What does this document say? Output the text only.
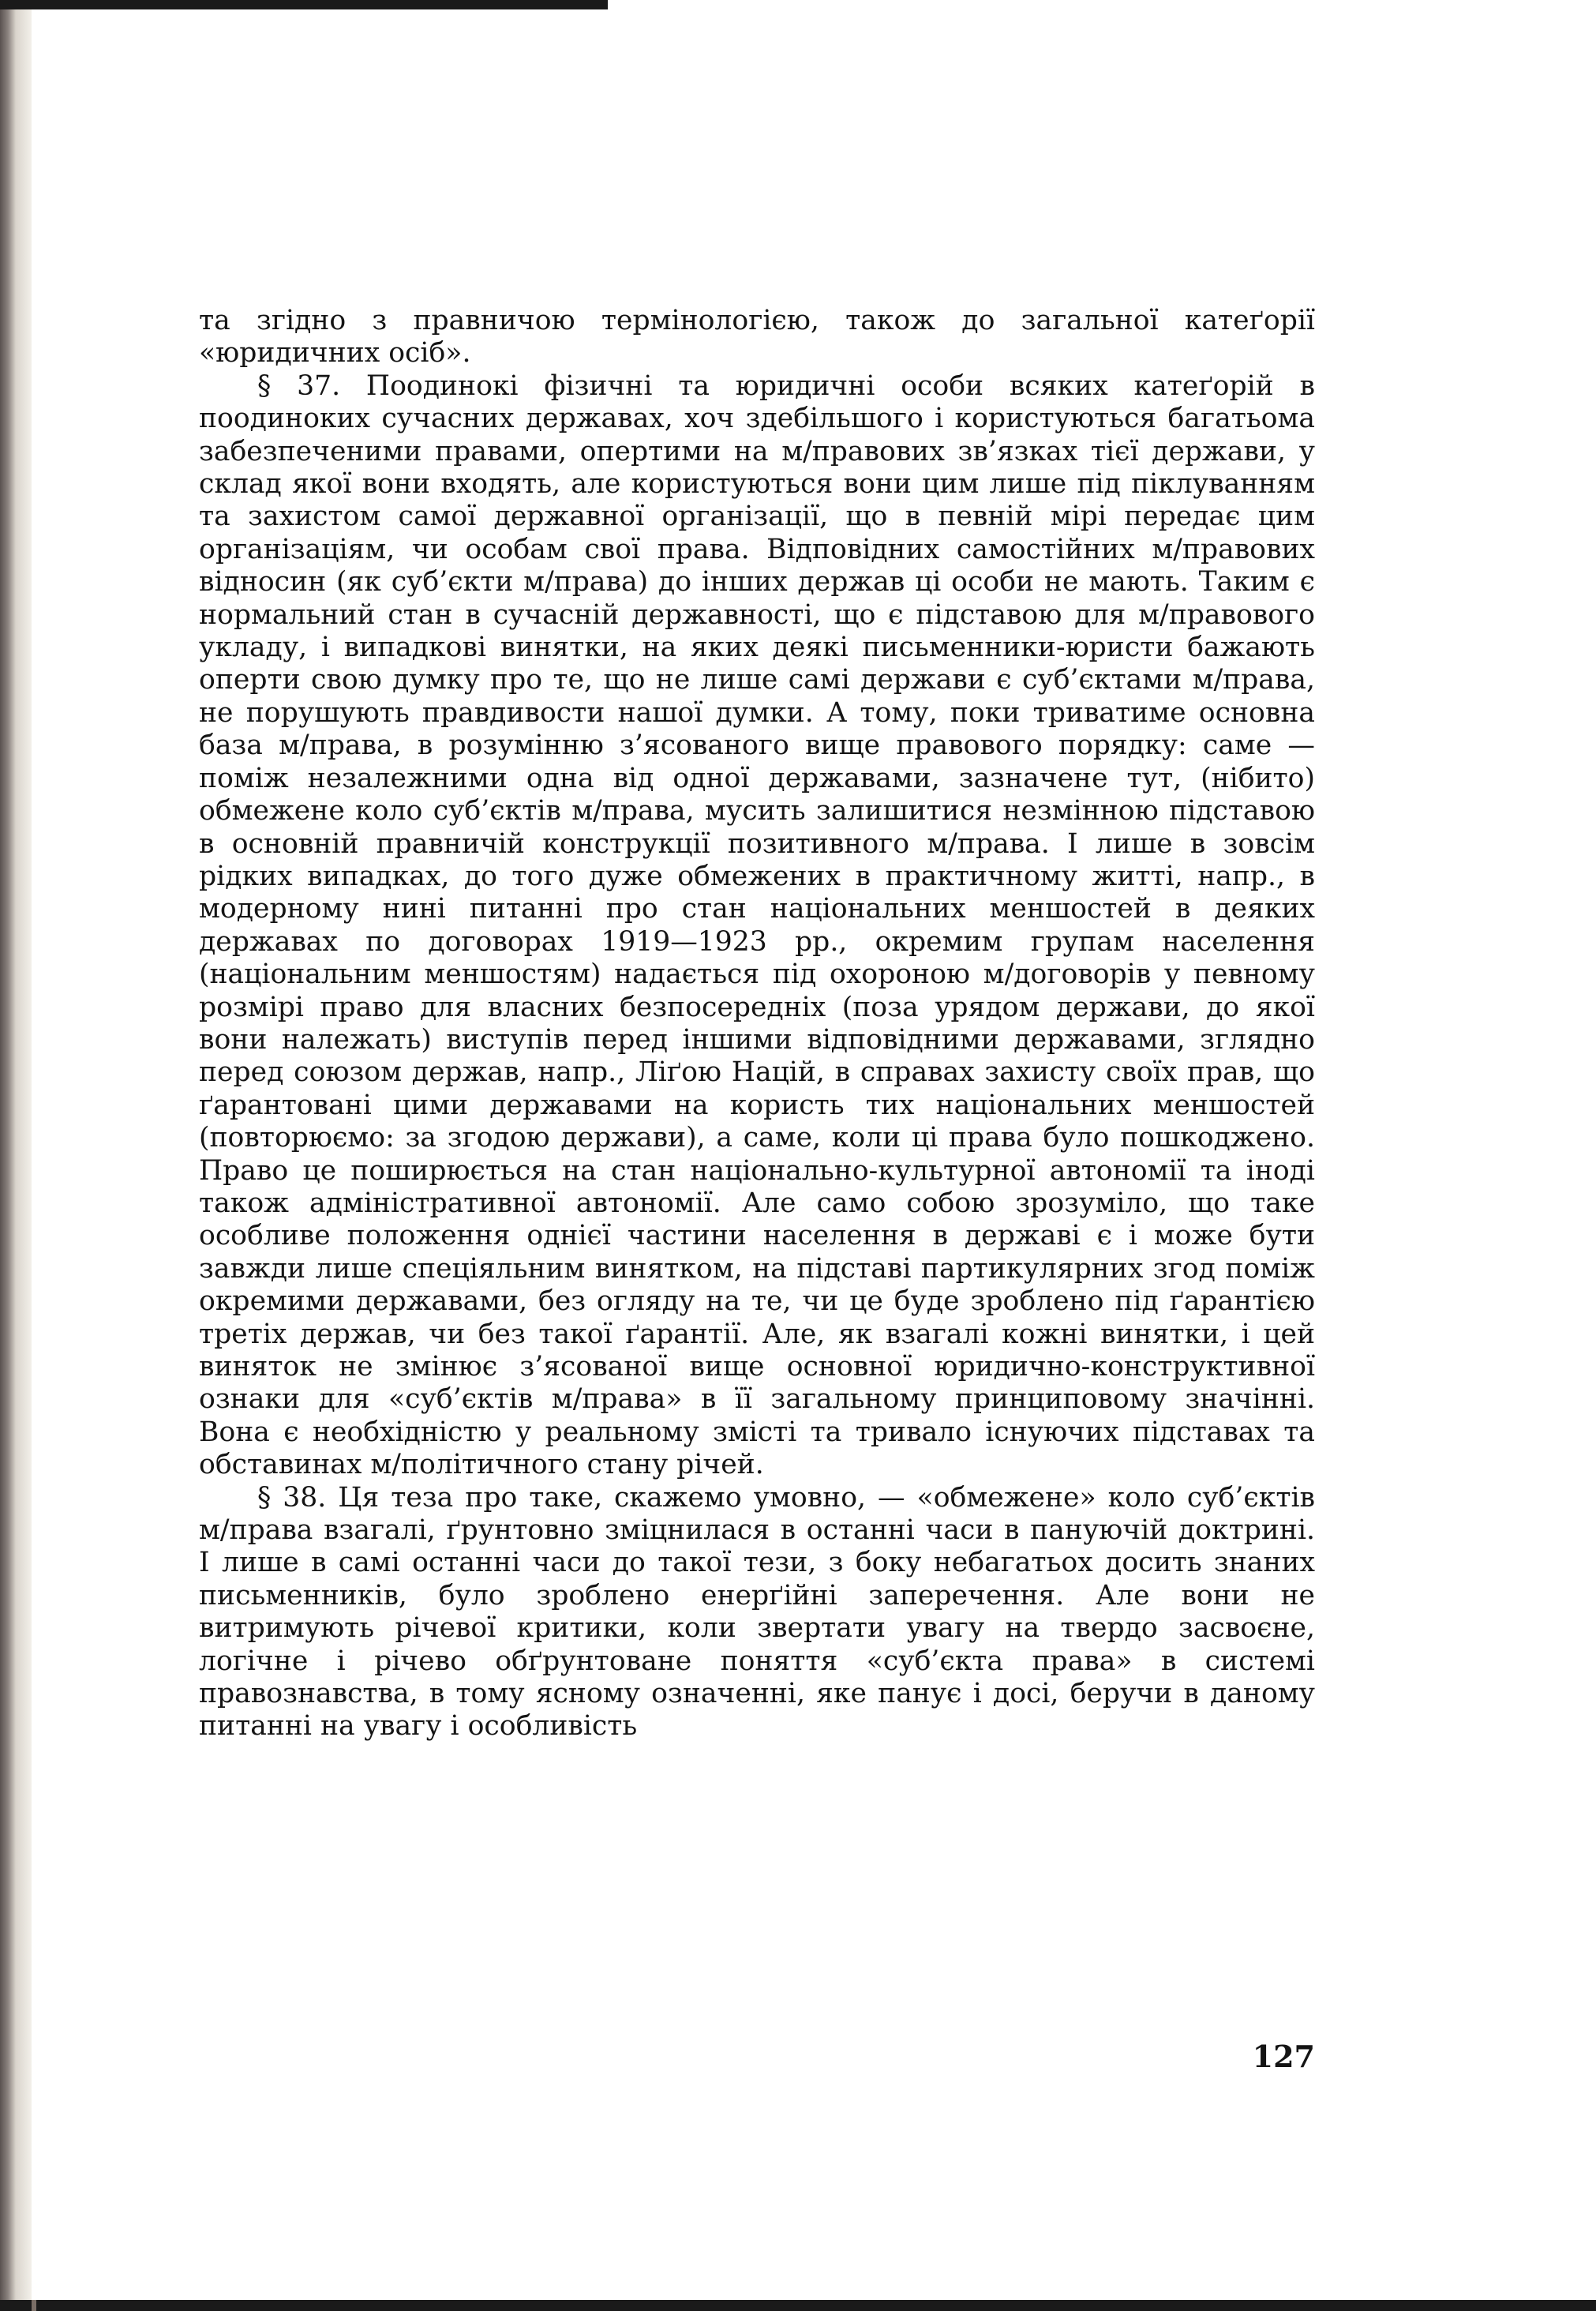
та згідно з правничою термінологією, також до загальної катеґорії «юридичних осіб».

§ 37. Поодинокі фізичні та юридичні особи всяких катеґорій в поодиноких сучасних державах, хоч здебільшого і користуються багатьома забезпеченими правами, опертими на м/правових зв’язках тієї держави, у склад якої вони входять, але користуються вони цим лише під піклуванням та захистом самої державної організації, що в певній мірі передає цим організаціям, чи особам свої права. Відповідних самостійних м/правових відносин (як суб’єкти м/права) до інших держав ці особи не мають. Таким є нормальний стан в сучасній державності, що є підставою для м/правового укладу, і випадкові винятки, на яких деякі письменники-юристи бажають оперти свою думку про те, що не лише самі держави є суб’єктами м/права, не порушують правдивости нашої думки. А тому, поки триватиме основна база м/права, в розумінню з’ясованого вище правового порядку: саме — поміж незалежними одна від одної державами, зазначене тут, (нібито) обмежене коло суб’єктів м/права, мусить залишитися незмінною підставою в основній правничій конструкції позитивного м/права. І лише в зовсім рідких випадках, до того дуже обмежених в практичному житті, напр., в модерному нині питанні про стан національних меншостей в деяких державах по договорах 1919—1923 рр., окремим групам населення (національним меншостям) надається під охороною м/договорів у певному розмірі право для власних безпосередніх (поза урядом держави, до якої вони належать) виступів перед іншими відповідними державами, зглядно перед союзом держав, напр., Ліґою Націй, в справах захисту своїх прав, що ґарантовані цими державами на користь тих національних меншостей (повторюємо: за згодою держави), а саме, коли ці права було пошкоджено. Право це поширюється на стан національно-культурної автономії та іноді також адміністративної автономії. Але само собою зрозуміло, що таке особливе положення однієї частини населення в державі є і може бути завжди лише спеціяльним винятком, на підставі партикулярних згод поміж окремими державами, без огляду на те, чи це буде зроблено під ґарантією третіх держав, чи без такої ґарантії. Але, як взагалі кожні винятки, і цей виняток не змінює з’ясованої вище основної юридично-конструктивної ознаки для «суб’єктів м/права» в її загальному принциповому значінні. Вона є необхідністю у реальному змісті та тривало існуючих підставах та обставинах м/політичного стану річей.

§ 38. Ця теза про таке, скажемо умовно, — «обмежене» коло суб’єктів м/права взагалі, ґрунтовно зміцнилася в останні часи в пануючій доктрині. І лише в самі останні часи до такої тези, з боку небагатьох досить знаних письменників, було зроблено енерґійні заперечення. Але вони не витримують річевої критики, коли звертати увагу на твердо засвоєне, логічне і річево обґрунтоване поняття «суб’єкта права» в системі правознавства, в тому ясному означенні, яке панує і досі, беручи в даному питанні на увагу і особливість

127
